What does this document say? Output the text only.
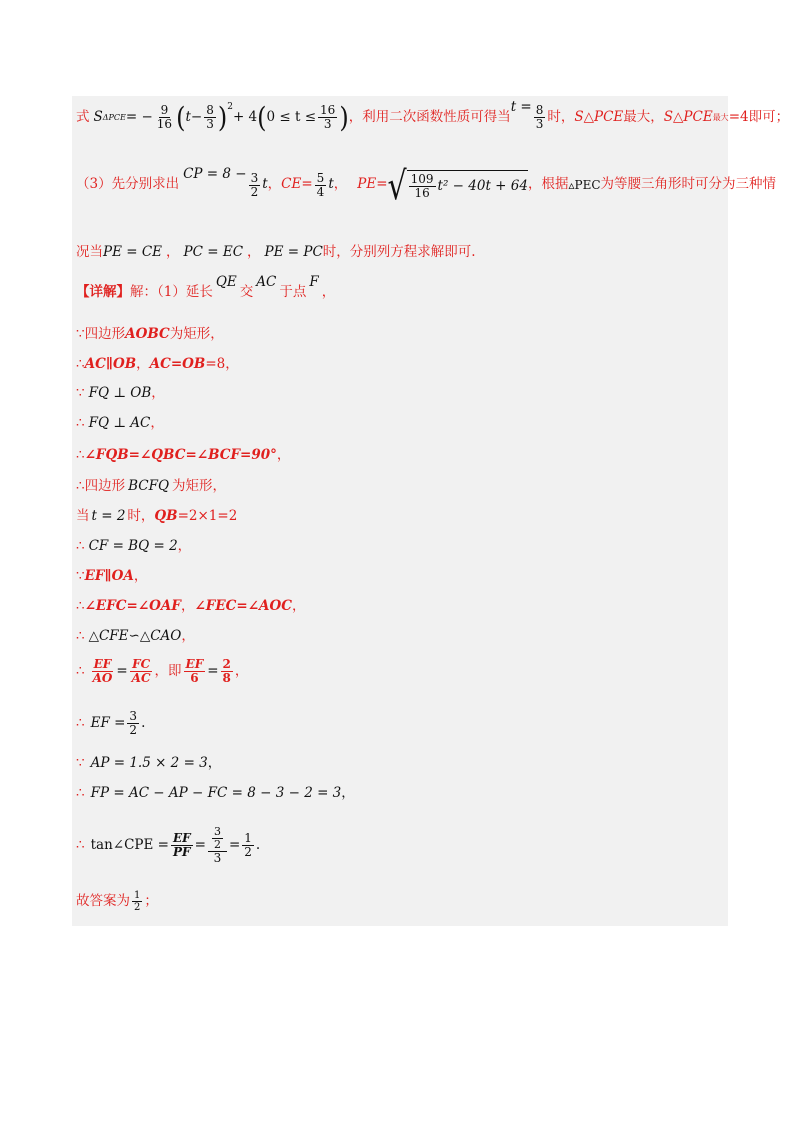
式 S ΔPCE = − $\frac{9}{16}$ ( $t - \frac{8}{3} )^2$
+ 4 ( $0 \le t \le \frac{16}{3}$ ) ，利用二次函数性质可得当
$t = \frac{8}{3}$ 时， S△PCE 最大， S△PCE 最大 =4即可；
（3）先分别求出
CP = $8 - \frac{3}{2}$ t ， CE = $\frac{5}{4}$ t ， PE = √ $\frac{109}{16} t^2 - 40t + 64$ ，根据 ▵PEC 为等腰三角形时可分为三种情
况当 PE = CE ， PC = EC ， PE = PC 时，分别列方程求解即可.
【详解】 解：（1）延长
QE
交
AC
于点
F
，
∵ 四边形 AOBC 为矩形，
∴ AC∥OB ， AC=OB =8，
∵ FQ ⊥ OB ，
∴ FQ ⊥ AC ，
∴ ∠FQB=∠QBC=∠BCF=90° ，
∴ 四边形 BCFQ 为矩形，
当 t = 2 时， QB =2×1=2
∴ CF = BQ = 2 ，
∵ EF∥OA ，
∴ ∠EFC=∠OAF ， ∠FEC=∠AOC ，
∴ △CFE∽△CAO ，
∴ $\frac{EF}{AO} = \frac{FC}{AC}$ ，即 $\frac{EF}{6} = \frac{2}{8}$ ，
∴ EF = $\frac{3}{2}$ .
∵ AP = 1.5 × 2 = 3 ，
∴ FP = AC − AP − FC = 8 − 3 − 2 = 3 ，
∴ tan∠CPE = $\frac{EF}{PF} = \frac{\frac{3}{2}}{3} = \frac{1}{2}$ .
故答案为 $\frac{1}{2}$ ；
